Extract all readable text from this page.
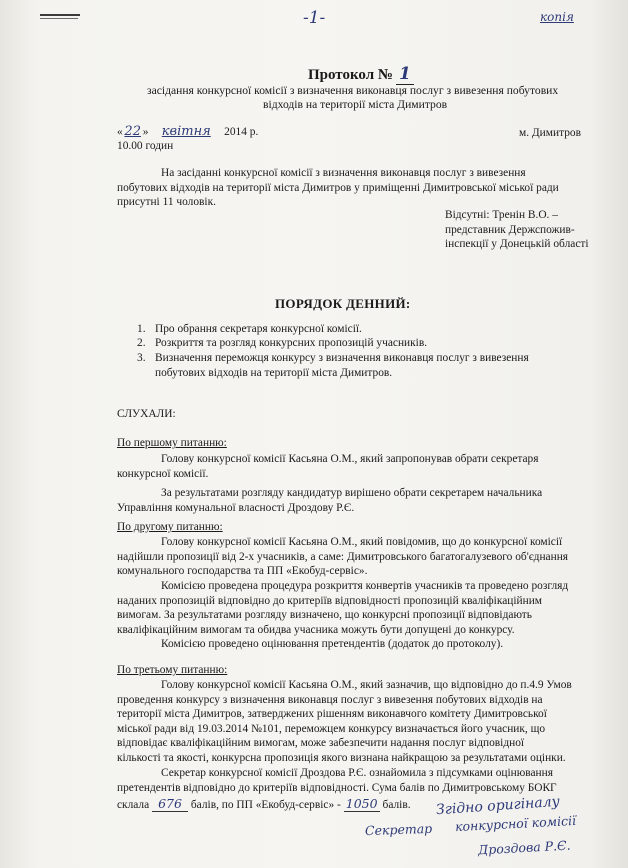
-1-	копія
Протокол № 1
засідання конкурсної комісії з визначення виконавця послуг з вивезення побутових
відходів на території міста Димитров
« 22 » квітня 2014 р.	м. Димитров
10.00 годин
На засіданні конкурсної комісії з визначення виконавця послуг з вивезення
побутових відходів на території міста Димитров у приміщенні Димитровської міської ради
присутні 11 чоловік.
Відсутні: Тренін В.О. –
представник Держспожив-
інспекції у Донецькій області
ПОРЯДОК ДЕННИЙ:
1. Про обрання секретаря конкурсної комісії.
2. Розкриття та розгляд конкурсних пропозицій учасників.
3. Визначення переможця конкурсу з визначення виконавця послуг з вивезення
побутових відходів на території міста Димитров.
СЛУХАЛИ:
По першому питанню:
Голову конкурсної комісії Касьяна О.М., який запропонував обрати секретаря
конкурсної комісії.
За результатами розгляду кандидатур вирішено обрати секретарем начальника
Управління комунальної власності Дроздову Р.Є.
По другому питанню:
Голову конкурсної комісії Касьяна О.М., який повідомив, що до конкурсної комісії
надійшли пропозиції від 2-х учасників, а саме: Димитровського багатогалузевого об'єднання
комунального господарства та ПП «Екобуд-сервіс».
Комісією проведена процедура розкриття конвертів учасників та проведено розгляд
наданих пропозицій відповідно до критеріїв відповідності пропозицій кваліфікаційним
вимогам. За результатами розгляду визначено, що конкурсні пропозиції відповідають
кваліфікаційним вимогам та обидва учасника можуть бути допущені до конкурсу.
Комісією проведено оцінювання претендентів (додаток до протоколу).
По третьому питанню:
Голову конкурсної комісії Касьяна О.М., який зазначив, що відповідно до п.4.9 Умов
проведення конкурсу з визначення виконавця послуг з вивезення побутових відходів на
території міста Димитров, затверджених рішенням виконавчого комітету Димитровської
міської ради від 19.03.2014 №101, переможцем конкурсу визначається його учасник, що
відповідає кваліфікаційним вимогам, може забезпечити надання послуг відповідної
кількості та якості, конкурсна пропозиція якого визнана найкращою за результатами оцінки.
Секретар конкурсної комісії Дроздова Р.Є. ознайомила з підсумками оцінювання
претендентів відповідно до критеріїв відповідності. Сума балів по Димитровському БОКГ
склала 676 балів, по ПП «Екобуд-сервіс» - 1050 балів. Згідно оригіналу
Секретар конкурсної комісії
Дроздова Р.Є.
